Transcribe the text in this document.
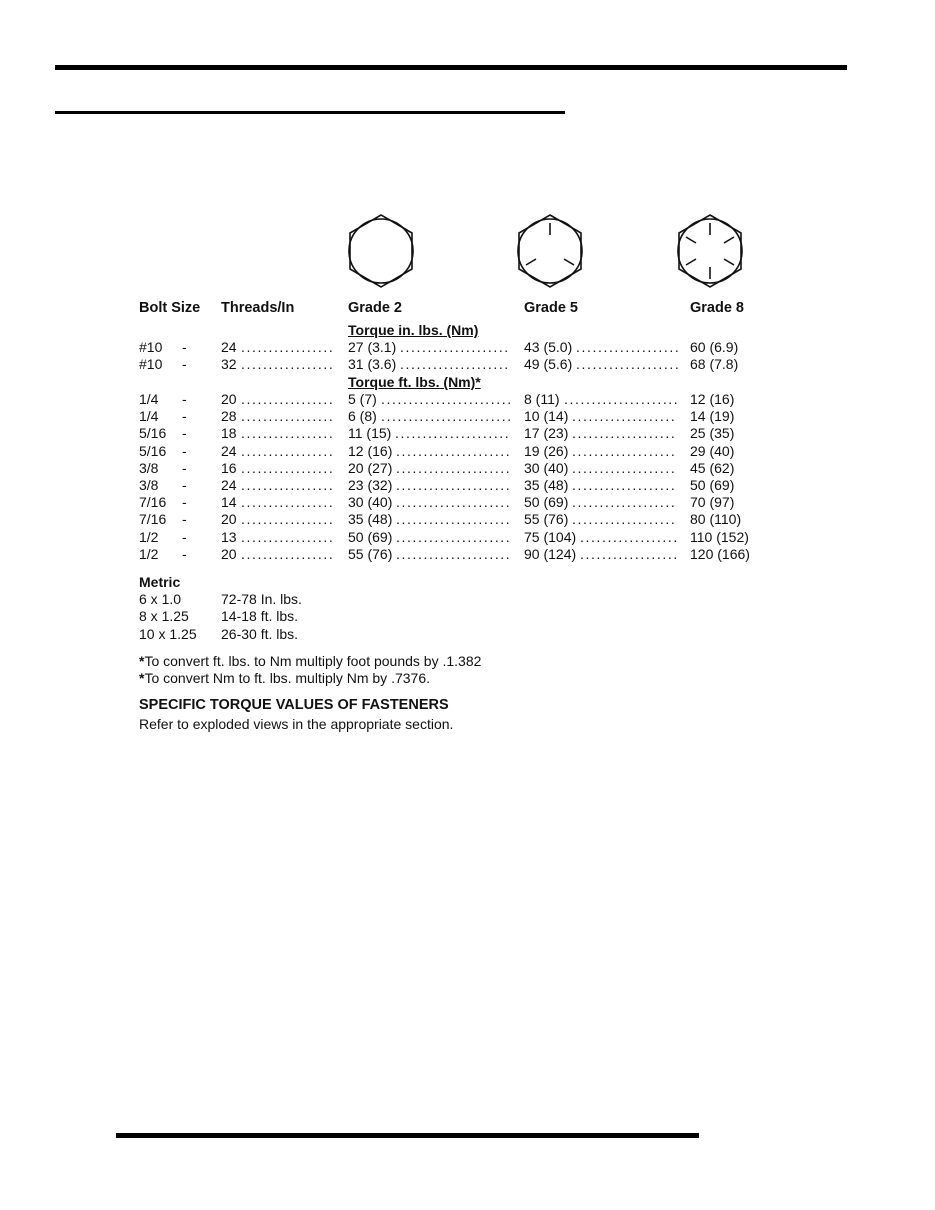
Bolt Size Threads/In	Grade 2	Grade 5	Grade 8
Torque in. lbs. (Nm)
#10 - 24 ................. 27 (3.1) .................... 43 (5.0) ................... 60 (6.9)
#10 - 32 ................. 31 (3.6) .................... 49 (5.6) ................... 68 (7.8)
Torque ft. lbs. (Nm)*
1/4 - 20 ................. 5 (7) ........................ 8 (11) ..................... 12 (16)
1/4 - 28 ................. 6 (8) ........................ 10 (14) ................... 14 (19)
5/16 - 18 ................. 11 (15) ..................... 17 (23) ................... 25 (35)
5/16 - 24 ................. 12 (16) ..................... 19 (26) ................... 29 (40)
3/8 - 16 ................. 20 (27) ..................... 30 (40) ................... 45 (62)
3/8 - 24 ................. 23 (32) ..................... 35 (48) ................... 50 (69)
7/16 - 14 ................. 30 (40) ..................... 50 (69) ................... 70 (97)
7/16 - 20 ................. 35 (48) ..................... 55 (76) ................... 80 (110)
1/2 - 13 ................. 50 (69) ..................... 75 (104) .................. 110 (152)
1/2 - 20 ................. 55 (76) ..................... 90 (124) .................. 120 (166)
Metric
6 x 1.0	72-78 In. lbs.
8 x 1.25 14-18 ft. lbs.
10 x 1.25 26-30 ft. lbs.
*To convert ft. lbs. to Nm multiply foot pounds by .1.382
*To convert Nm to ft. lbs. multiply Nm by .7376.
SPECIFIC TORQUE VALUES OF FASTENERS
Refer to exploded views in the appropriate section.
